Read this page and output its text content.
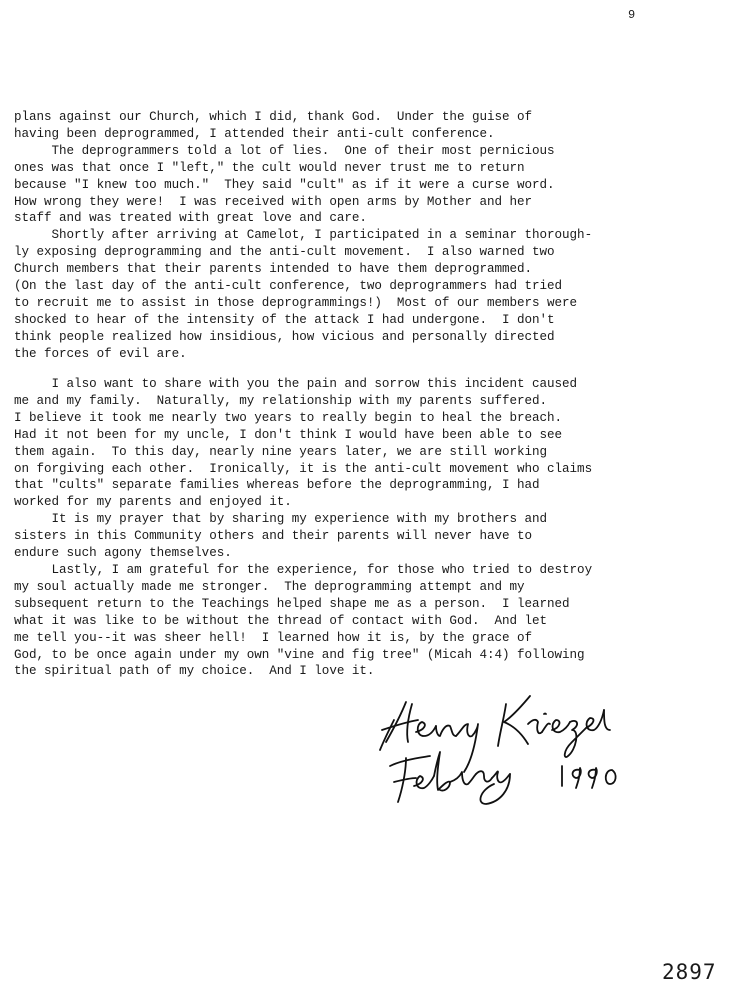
9
plans against our Church, which I did, thank God.  Under the guise of
having been deprogrammed, I attended their anti-cult conference.
The deprogrammers told a lot of lies.  One of their most pernicious
ones was that once I "left," the cult would never trust me to return
because "I knew too much."  They said "cult" as if it were a curse word.
How wrong they were!  I was received with open arms by Mother and her
staff and was treated with great love and care.
Shortly after arriving at Camelot, I participated in a seminar thorough-
ly exposing deprogramming and the anti-cult movement.  I also warned two
Church members that their parents intended to have them deprogrammed.
(On the last day of the anti-cult conference, two deprogrammers had tried
to recruit me to assist in those deprogrammings!)  Most of our members were
shocked to hear of the intensity of the attack I had undergone.  I don't
think people realized how insidious, how vicious and personally directed
the forces of evil are.
I also want to share with you the pain and sorrow this incident caused
me and my family.  Naturally, my relationship with my parents suffered.
I believe it took me nearly two years to really begin to heal the breach.
Had it not been for my uncle, I don't think I would have been able to see
them again.  To this day, nearly nine years later, we are still working
on forgiving each other.  Ironically, it is the anti-cult movement who claims
that "cults" separate families whereas before the deprogramming, I had
worked for my parents and enjoyed it.
It is my prayer that by sharing my experience with my brothers and
sisters in this Community others and their parents will never have to
endure such agony themselves.
Lastly, I am grateful for the experience, for those who tried to destroy
my soul actually made me stronger.  The deprogramming attempt and my
subsequent return to the Teachings helped shape me as a person.  I learned
what it was like to be without the thread of contact with God.  And let
me tell you--it was sheer hell!  I learned how it is, by the grace of
God, to be once again under my own "vine and fig tree" (Micah 4:4) following
the spiritual path of my choice.  And I love it.
2897
